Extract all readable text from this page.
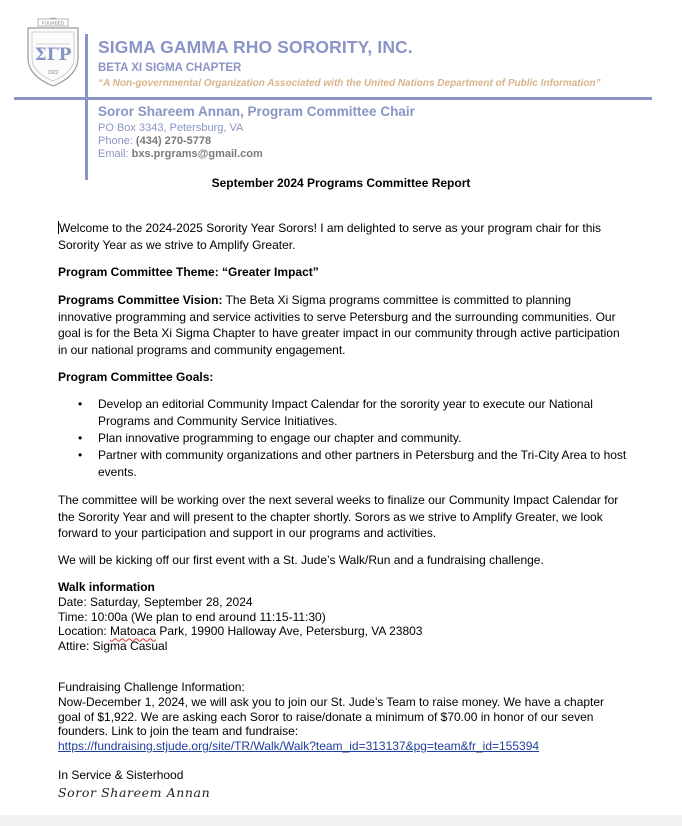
FOUNDED
ΣΓΡ
1922
SIGMA GAMMA RHO SORORITY, INC.
BETA XI SIGMA CHAPTER
“A Non-governmental Organization Associated with the United Nations Department of Public Information”
Soror Shareem Annan, Program Committee Chair
PO Box 3343, Petersburg, VA
Phone: (434) 270-5778
Email: bxs.prgrams@gmail.com
September 2024 Programs Committee Report
Welcome to the 2024-2025 Sorority Year Sorors! I am delighted to serve as your program chair for this Sorority Year as we strive to Amplify Greater.
Program Committee Theme: “Greater Impact”
Programs Committee Vision: The Beta Xi Sigma programs committee is committed to planning innovative programming and service activities to serve Petersburg and the surrounding communities. Our goal is for the Beta Xi Sigma Chapter to have greater impact in our community through active participation in our national programs and community engagement.
Program Committee Goals:
• Develop an editorial Community Impact Calendar for the sorority year to execute our National Programs and Community Service Initiatives.
• Plan innovative programming to engage our chapter and community.
• Partner with community organizations and other partners in Petersburg and the Tri-City Area to host events.
The committee will be working over the next several weeks to finalize our Community Impact Calendar for the Sorority Year and will present to the chapter shortly. Sorors as we strive to Amplify Greater, we look forward to your participation and support in our programs and activities.
We will be kicking off our first event with a St. Jude’s Walk/Run and a fundraising challenge.
Walk information
Date: Saturday, September 28, 2024
Time: 10:00a (We plan to end around 11:15-11:30)
Location: Matoaca Park, 19900 Halloway Ave, Petersburg, VA 23803
Attire: Sigma Casual
Fundraising Challenge Information:
Now-December 1, 2024, we will ask you to join our St. Jude’s Team to raise money. We have a chapter
goal of $1,922. We are asking each Soror to raise/donate a minimum of $70.00 in honor of our seven
founders. Link to join the team and fundraise:
https://fundraising.stjude.org/site/TR/Walk/Walk?team_id=313137&pg=team&fr_id=155394
In Service & Sisterhood
Soror Shareem Annan
